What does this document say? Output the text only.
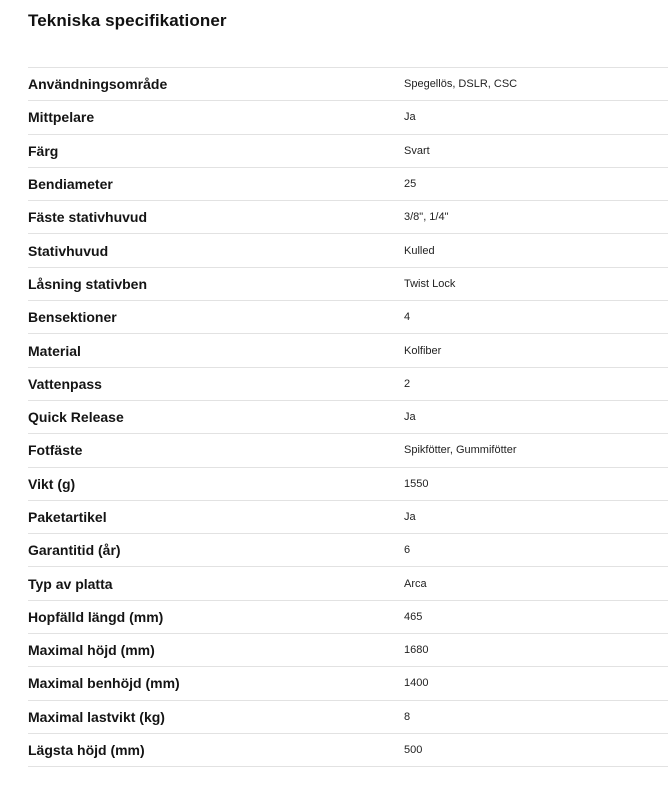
Tekniska specifikationer
Användningsområde	Spegellös, DSLR, CSC
Mittpelare	Ja
Färg	Svart
Bendiameter	25
Fäste stativhuvud	3/8", 1/4"
Stativhuvud	Kulled
Låsning stativben	Twist Lock
Bensektioner	4
Material	Kolfiber
Vattenpass	2
Quick Release	Ja
Fotfäste	Spikfötter, Gummifötter
Vikt (g)	1550
Paketartikel	Ja
Garantitid (år)	6
Typ av platta	Arca
Hopfälld längd (mm)	465
Maximal höjd (mm)	1680
Maximal benhöjd (mm)	1400
Maximal lastvikt (kg)	8
Lägsta höjd (mm)	500
